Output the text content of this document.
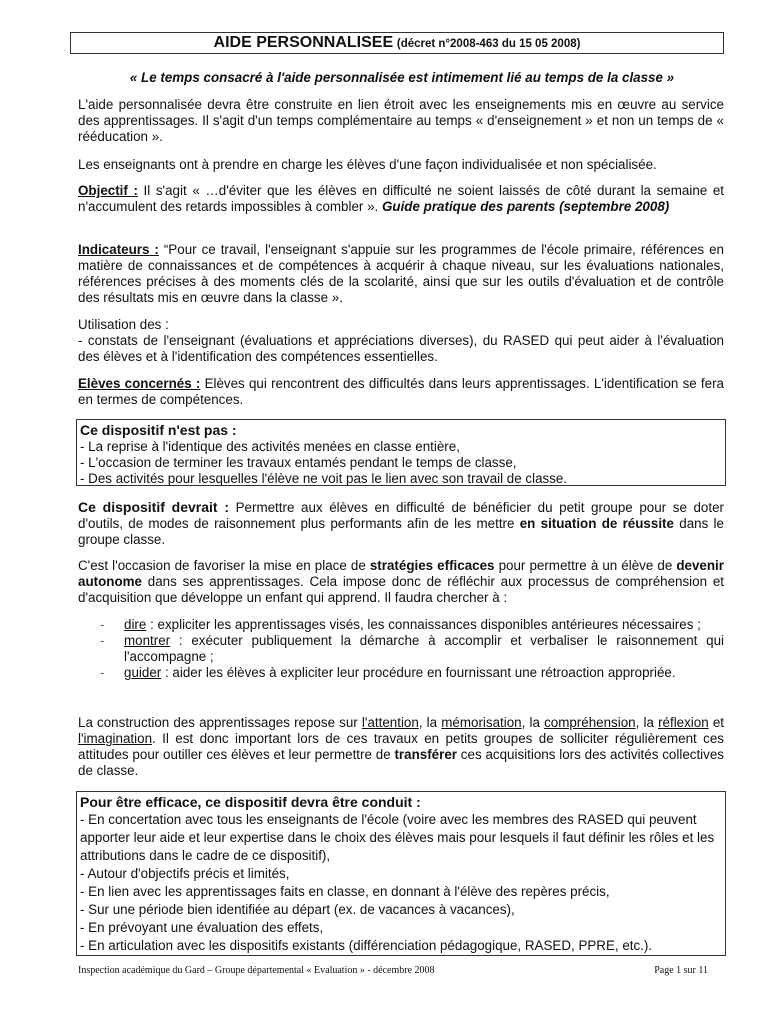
AIDE PERSONNALISEE (décret n°2008-463 du 15 05 2008)
« Le temps consacré à l'aide personnalisée est intimement lié au temps de la classe »
L'aide personnalisée devra être construite en lien étroit avec les enseignements mis en œuvre au service des apprentissages. Il s'agit d'un temps complémentaire au temps « d'enseignement » et non un temps de « rééducation ».
Les enseignants ont à prendre en charge les élèves d'une façon individualisée et non spécialisée.
Objectif : Il s'agit « …d'éviter que les élèves en difficulté ne soient laissés de côté durant la semaine et n'accumulent des retards impossibles à combler ». Guide pratique des parents (septembre 2008)
Indicateurs : “Pour ce travail, l'enseignant s'appuie sur les programmes de l'école primaire, références en matière de connaissances et de compétences à acquérir à chaque niveau, sur les évaluations nationales, références précises à des moments clés de la scolarité, ainsi que sur les outils d'évaluation et de contrôle des résultats mis en œuvre dans la classe ».
Utilisation des :
- constats de l'enseignant (évaluations et appréciations diverses), du RASED qui peut aider à l'évaluation des élèves et à l'identification des compétences essentielles.
Elèves concernés : Elèves qui rencontrent des difficultés dans leurs apprentissages. L'identification se fera en termes de compétences.
Ce dispositif n'est pas :
- La reprise à l'identique des activités menées en classe entière,
- L'occasion de terminer les travaux entamés pendant le temps de classe,
- Des activités pour lesquelles l'élève ne voit pas le lien avec son travail de classe.
Ce dispositif devrait : Permettre aux élèves en difficulté de bénéficier du petit groupe pour se doter d'outils, de modes de raisonnement plus performants afin de les mettre en situation de réussite dans le groupe classe.
C'est l'occasion de favoriser la mise en place de stratégies efficaces pour permettre à un élève de devenir autonome dans ses apprentissages. Cela impose donc de réfléchir aux processus de compréhension et d'acquisition que développe un enfant qui apprend. Il faudra chercher à :
- dire : expliciter les apprentissages visés, les connaissances disponibles antérieures nécessaires ;
- montrer : exécuter publiquement la démarche à accomplir et verbaliser le raisonnement qui l'accompagne ;
- guider : aider les élèves à expliciter leur procédure en fournissant une rétroaction appropriée.
La construction des apprentissages repose sur l'attention, la mémorisation, la compréhension, la réflexion et l'imagination. Il est donc important lors de ces travaux en petits groupes de solliciter régulièrement ces attitudes pour outiller ces élèves et leur permettre de transférer ces acquisitions lors des activités collectives de classe.
Pour être efficace, ce dispositif devra être conduit :
- En concertation avec tous les enseignants de l'école (voire avec les membres des RASED qui peuvent apporter leur aide et leur expertise dans le choix des élèves mais pour lesquels il faut définir les rôles et les attributions dans le cadre de ce dispositif),
- Autour d'objectifs précis et limités,
- En lien avec les apprentissages faits en classe, en donnant à l'élève des repères précis,
- Sur une période bien identifiée au départ (ex. de vacances à vacances),
- En prévoyant une évaluation des effets,
- En articulation avec les dispositifs existants (différenciation pédagogique, RASED, PPRE, etc.).
Inspection académique du Gard – Groupe départemental « Evaluation » - décembre 2008	Page 1 sur 11
